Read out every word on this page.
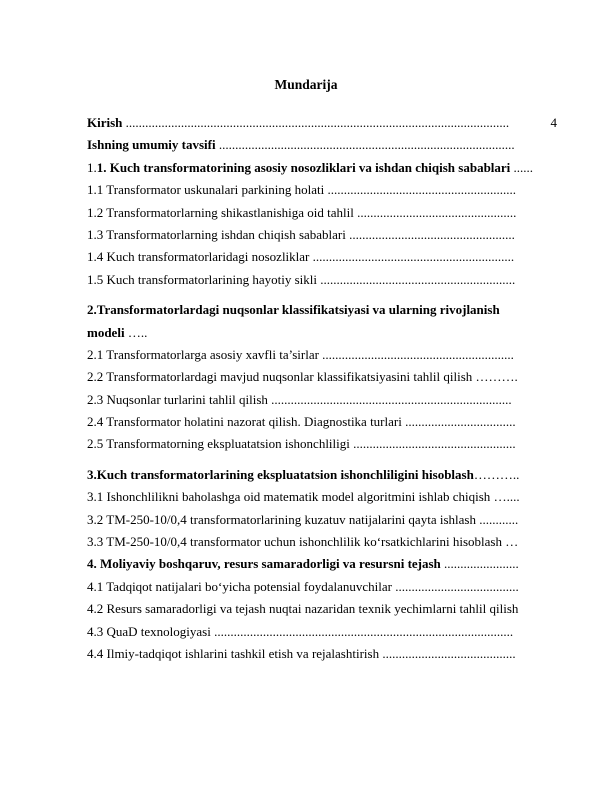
Mundarija
Kirish ......................................................................................................................	4
Ishning umumiy tavsifi ...........................................................................................
1.1. Kuch transformatorining asosiy nosozliklari va ishdan chiqish sabablari ......
1.1 Transformator uskunalari parkining holati ..........................................................
1.2 Transformatorlarning shikastlanishiga oid tahlil .................................................
1.3 Transformatorlarning ishdan chiqish sabablari ...................................................
1.4 Kuch transformatorlaridagi nosozliklar ..............................................................
1.5 Kuch transformatorlarining hayotiy sikli ............................................................
2.Transformatorlardagi nuqsonlar klassifikatsiyasi va ularning rivojlanish
modeli …..
2.1 Transformatorlarga asosiy xavfli ta’sirlar ...........................................................
2.2 Transformatorlardagi mavjud nuqsonlar klassifikatsiyasini tahlil qilish ……….
2.3 Nuqsonlar turlarini tahlil qilish ..........................................................................
2.4 Transformator holatini nazorat qilish. Diagnostika turlari ..................................
2.5 Transformatorning ekspluatatsion ishonchliligi ..................................................
3.Kuch transformatorlarining ekspluatatsion ishonchliligini hisoblash………..
3.1 Ishonchlilikni baholashga oid matematik model algoritmini ishlab chiqish …....
3.2 TM-250-10/0,4 transformatorlarining kuzatuv natijalarini qayta ishlash ............
3.3 TM-250-10/0,4 transformator uchun ishonchlilik ko‘rsatkichlarini hisoblash …
4. Moliyaviy boshqaruv, resurs samaradorligi va resursni tejash .......................
4.1 Tadqiqot natijalari bo‘yicha potensial foydalanuvchilar ......................................
4.2 Resurs samaradorligi va tejash nuqtai nazaridan texnik yechimlarni tahlil qilish
4.3 QuaD texnologiyasi ............................................................................................
4.4 Ilmiy-tadqiqot ishlarini tashkil etish va rejalashtirish .........................................
